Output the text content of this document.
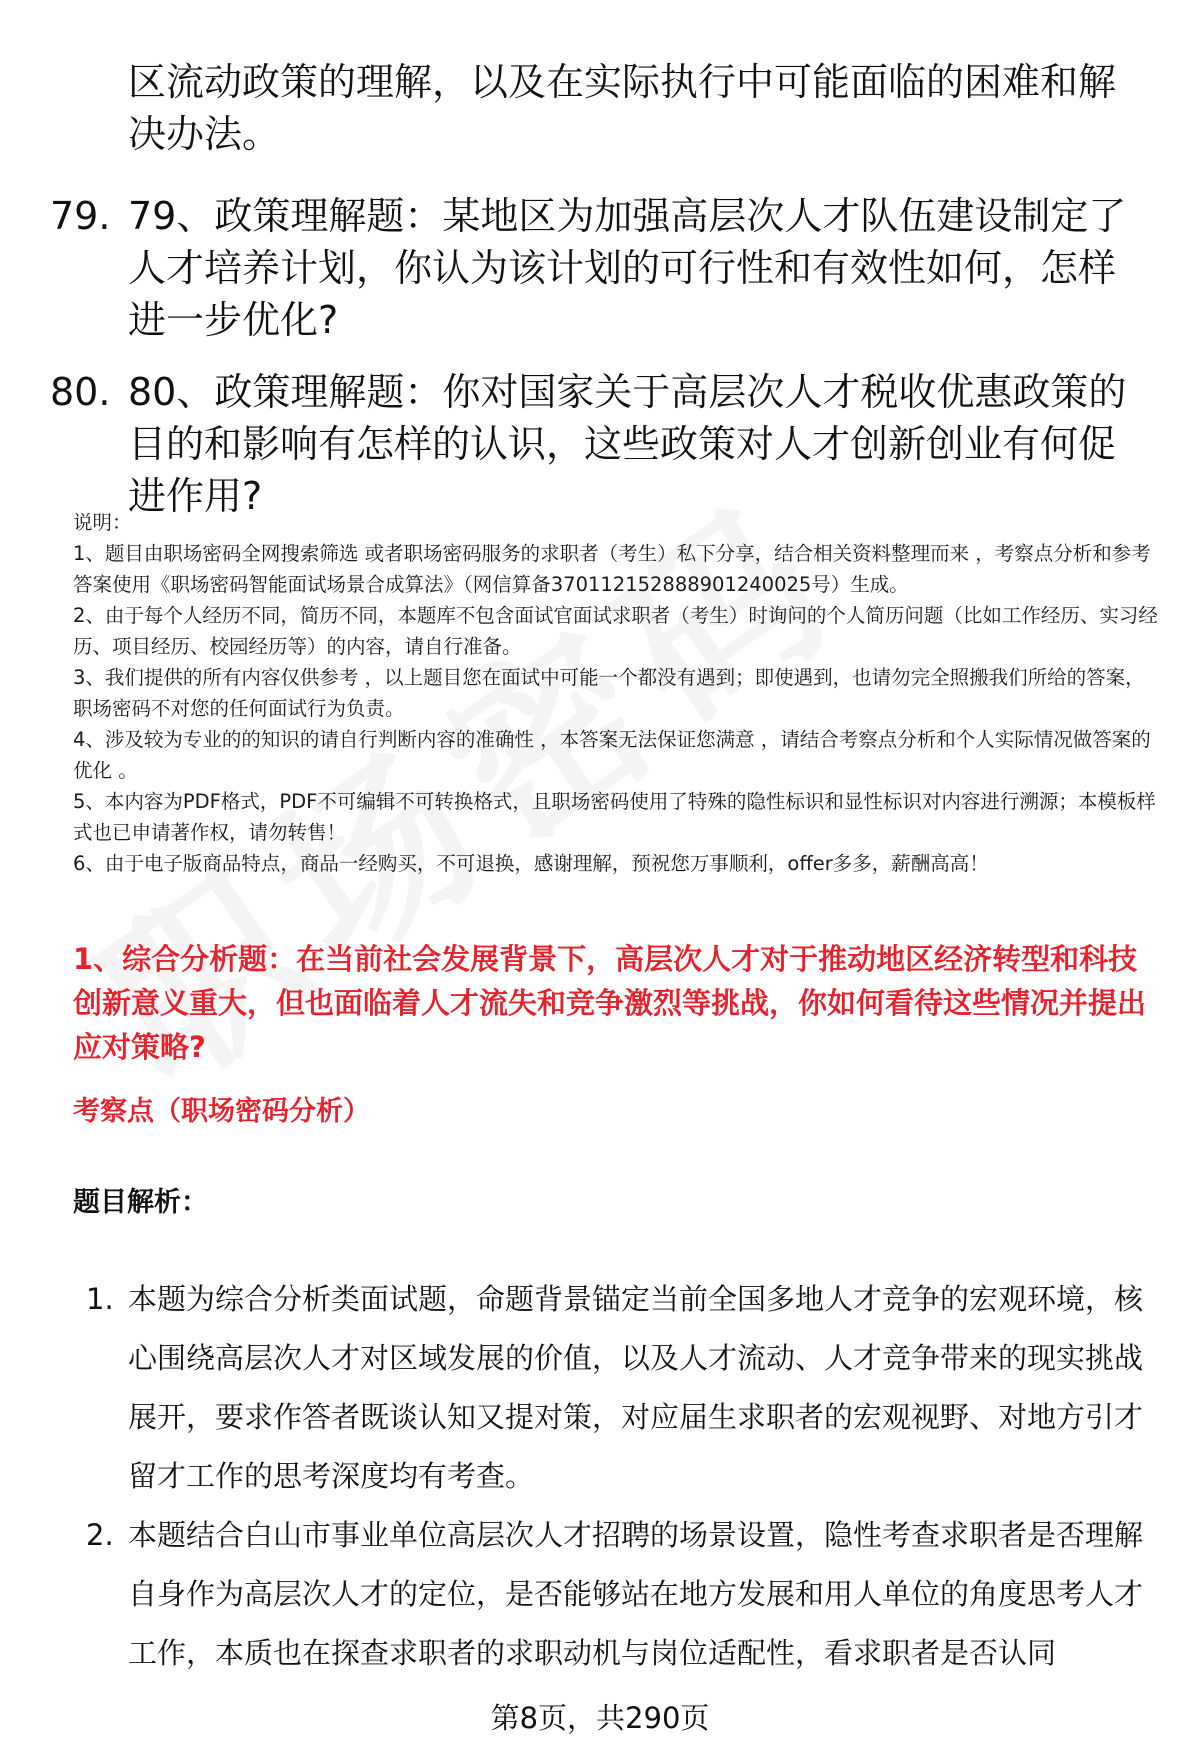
区流动政策的理解，以及在实际执行中可能面临的困难和解决办法。

79. 79、政策理解题：某地区为加强高层次人才队伍建设制定了人才培养计划，你认为该计划的可行性和有效性如何，怎样进一步优化?
80. 80、政策理解题：你对国家关于高层次人才税收优惠政策的目的和影响有怎样的认识，这些政策对人才创新创业有何促进作用?

说明：

1、题目由职场密码全网搜索筛选 或者职场密码服务的求职者（考生）私下分享，结合相关资料整理而来 ，考察点分析和参考答案使用《职场密码智能面试场景合成算法》（网信算备370112152888901240025号）生成。

2、由于每个人经历不同，简历不同，本题库不包含面试官面试求职者（考生）时询问的个人简历问题（比如工作经历、实习经历、项目经历、校园经历等）的内容，请自行准备。

3、我们提供的所有内容仅供参考 ，以上题目您在面试中可能一个都没有遇到；即使遇到，也请勿完全照搬我们所给的答案，职场密码不对您的任何面试行为负责。

4、涉及较为专业的的知识的请自行判断内容的准确性 ，本答案无法保证您满意 ，请结合考察点分析和个人实际情况做答案的优化 。

5、本内容为PDF格式，PDF不可编辑不可转换格式，且职场密码使用了特殊的隐性标识和显性标识对内容进行溯源；本模板样式也已申请著作权，请勿转售！

6、由于电子版商品特点，商品一经购买，不可退换，感谢理解，预祝您万事顺利，offer多多，薪酬高高！

1、综合分析题：在当前社会发展背景下，高层次人才对于推动地区经济转型和科技创新意义重大，但也面临着人才流失和竞争激烈等挑战，你如何看待这些情况并提出应对策略?
考察点（职场密码分析）
题目解析：
1. 本题为综合分析类面试题，命题背景锚定当前全国多地人才竞争的宏观环境，核心围绕高层次人才对区域发展的价值，以及人才流动、人才竞争带来的现实挑战展开，要求作答者既谈认知又提对策，对应届生求职者的宏观视野、对地方引才留才工作的思考深度均有考查。
2. 本题结合白山市事业单位高层次人才招聘的场景设置，隐性考查求职者是否理解自身作为高层次人才的定位，是否能够站在地方发展和用人单位的角度思考人才工作，本质也在探查求职者的求职动机与岗位适配性，看求职者是否认同
第8页，共290页
